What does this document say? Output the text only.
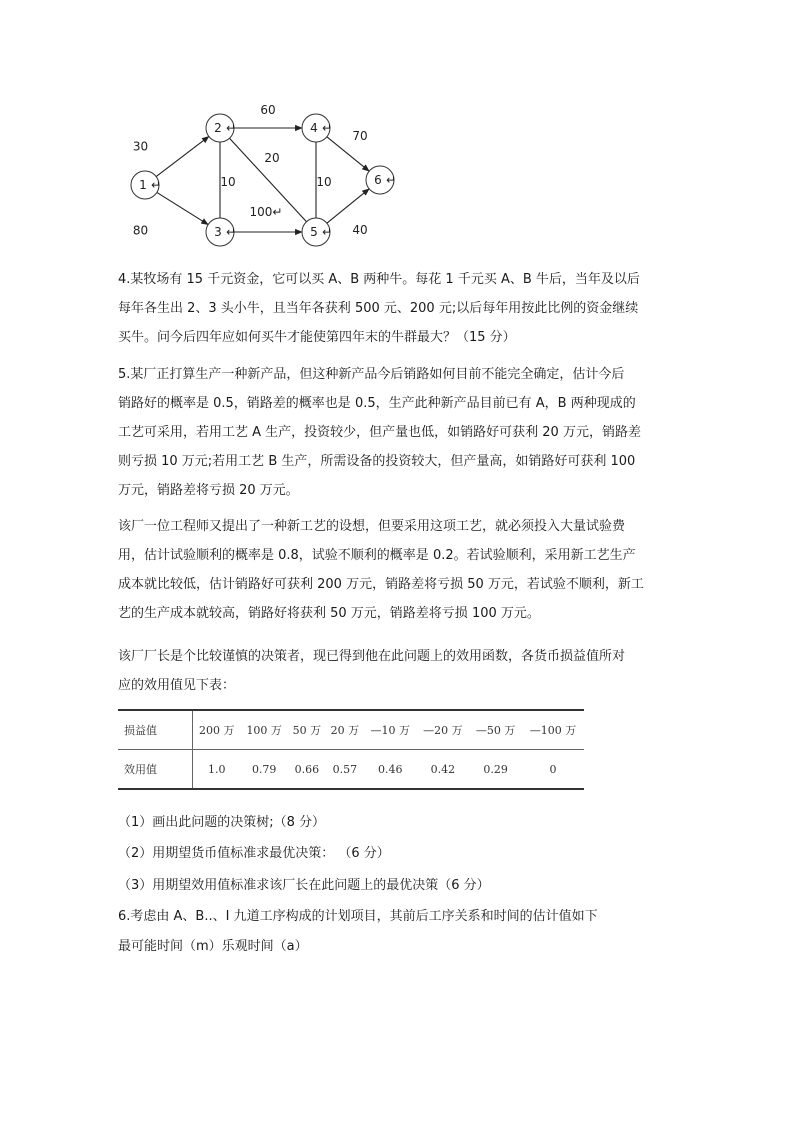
30
80
60
10
20
100↵
10
70
40
1 ↵
2 ↵
3 ↵
4 ↵
5 ↵
6 ↵
4.某牧场有 15 千元资金，它可以买 A、B 两种牛。每花 1 千元买 A、B 牛后，当年及以后
每年各生出 2、3 头小牛，且当年各获利 500 元、200 元;以后每年用按此比例的资金继续
买牛。问今后四年应如何买牛才能使第四年末的牛群最大？（15 分）
5.某厂正打算生产一种新产品，但这种新产品今后销路如何目前不能完全确定，估计今后
销路好的概率是 0.5，销路差的概率也是 0.5，生产此种新产品目前已有 A，B 两种现成的
工艺可采用，若用工艺 A 生产，投资较少，但产量也低，如销路好可获利 20 万元，销路差
则亏损 10 万元;若用工艺 B 生产，所需设备的投资较大，但产量高，如销路好可获利 100
万元，销路差将亏损 20 万元。
该厂一位工程师又提出了一种新工艺的设想，但要采用这项工艺，就必须投入大量试验费
用，估计试验顺利的概率是 0.8，试验不顺利的概率是 0.2。若试验顺利，采用新工艺生产
成本就比较低，估计销路好可获利 200 万元，销路差将亏损 50 万元，若试验不顺利，新工
艺的生产成本就较高，销路好将获利 50 万元，销路差将亏损 100 万元。
该厂厂长是个比较谨慎的决策者，现已得到他在此问题上的效用函数，各货币损益值所对
应的效用值见下表：
损益值	200 万	100 万	50 万	20 万	—10 万	—20 万	—50 万	—100 万
效用值	1.0	0.79	0.66	0.57	0.46	0.42	0.29	0

（1）画出此问题的决策树;（8 分）

（2）用期望货币值标准求最优决策： （6 分）

（3）用期望效用值标准求该厂长在此问题上的最优决策（6 分）

6.考虑由 A、B..、I 九道工序构成的计划项目，其前后工序关系和时间的估计值如下

最可能时间（m）乐观时间（a）
